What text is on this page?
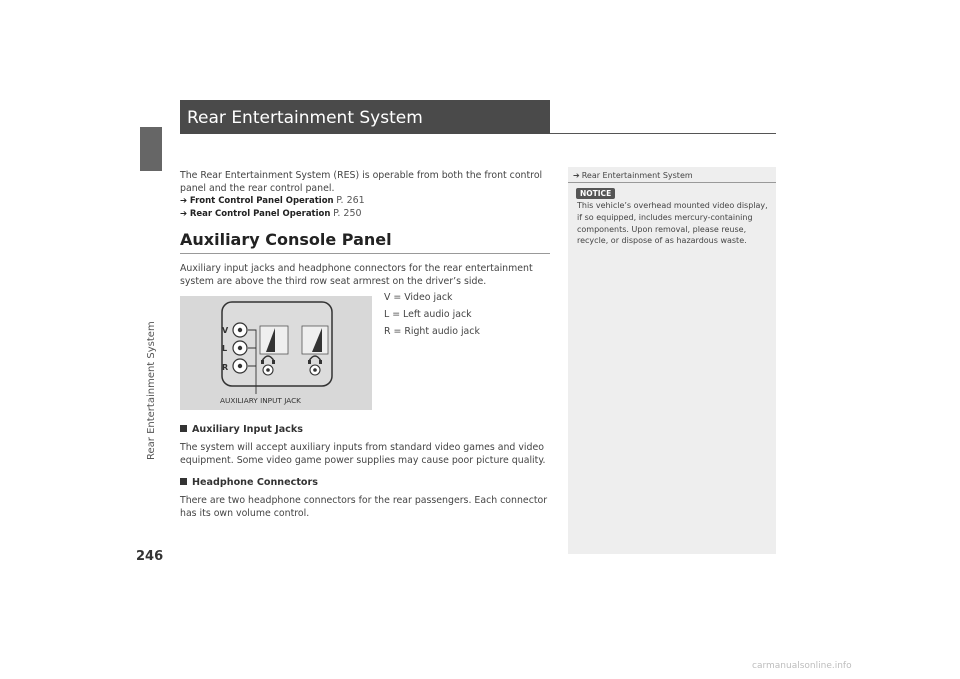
Rear Entertainment System
246
Rear Entertainment System
The Rear Entertainment System (RES) is operable from both the front control panel and the rear control panel.
➔ Front Control Panel Operation P. 261
➔ Rear Control Panel Operation P. 250
Auxiliary Console Panel
Auxiliary input jacks and headphone connectors for the rear entertainment system are above the third row seat armrest on the driver’s side.
V
L
R
AUXILIARY INPUT JACK
V = Video jack
L = Left audio jack
R = Right audio jack
Auxiliary Input Jacks
The system will accept auxiliary inputs from standard video games and video equipment. Some video game power supplies may cause poor picture quality.
Headphone Connectors
There are two headphone connectors for the rear passengers. Each connector has its own volume control.
➔ Rear Entertainment System
NOTICE
This vehicle’s overhead mounted video display, if so equipped, includes mercury-containing components. Upon removal, please reuse, recycle, or dispose of as hazardous waste.
carmanualsonline.info
